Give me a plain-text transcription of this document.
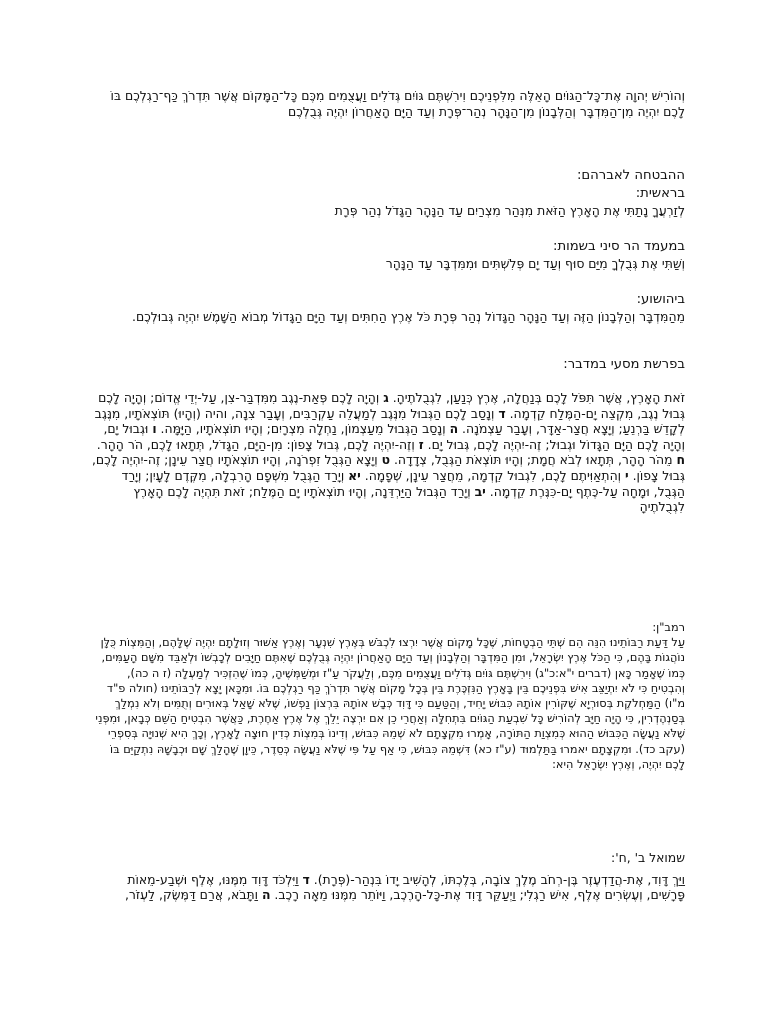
וְהוֹרִישׁ יְהוָה אֶת־כָּל־הַגּוֹיִם הָאֵלֶּה מִלִּפְנֵיכֶם וִירִשְׁתֶּם גּוֹיִם גְּדֹלִים וַעֲצֻמִים מִכֶּם כָּל־הַמָּקוֹם אֲשֶׁר תִּדְרֹךְ כַּף־רַגְלְכֶם בּוֹ לָכֶם יִהְיֶה מִן־הַמִּדְבָּר וְהַלְּבָנוֹן מִן־הַנָּהָר נְהַר־פְּרָת וְעַד הַיָּם הָאַחֲרוֹן יִהְיֶה גְּבֻלְכֶם

ההבטחה לאברהם:

בראשית:

לְזַרְעֲךָ נָתַתִּי אֶת הָאָרֶץ הַזֹּאת מִנְּהַר מִצְרַיִם עַד הַנָּהָר הַגָּדֹל נְהַר פְּרָת

במעמד הר סיני בשמות:

וְשַׁתִּי אֶת גְּבֻלְךָ מִיַּם סוּף וְעַד יָם פְּלִשְׁתִּים וּמִמִּדְבָּר עַד הַנָּהָר

ביהושוע:

מֵהַמִּדְבָּר וְהַלְּבָנוֹן הַזֶּה וְעַד הַנָּהָר הַגָּדוֹל נְהַר פְּרָת כֹּל אֶרֶץ הַחִתִּים וְעַד הַיָּם הַגָּדוֹל מְבוֹא הַשָּׁמֶשׁ יִהְיֶה גְּבוּלְכֶם.

בפרשת מסעי במדבר:

זֹאת הָאָרֶץ, אֲשֶׁר תִּפֹּל לָכֶם בְּנַחֲלָה, אֶרֶץ כְּנַעַן, לִגְבֻלֹתֶיהָ. ג וְהָיָה לָכֶם פְּאַת-נֶגֶב מִמִּדְבַּר-צִן, עַל-יְדֵי אֱדוֹם; וְהָיָה לָכֶם גְּבוּל נֶגֶב, מִקְצֵה יָם-הַמֶּלַח קֵדְמָה. ד וְנָסַב לָכֶם הַגְּבוּל מִנֶּגֶב לְמַעֲלֵה עַקְרַבִּים, וְעָבַר צִנָה, והיה (וְהָיוּ) תּוֹצְאֹתָיו, מִנֶּגֶב לְקָדֵשׁ בַּרְנֵעַ; וְיָצָא חֲצַר-אַדָּר, וְעָבַר עַצְמֹנָה. ה וְנָסַב הַגְּבוּל מֵעַצְמוֹן, נַחְלָה מִצְרָיִם; וְהָיוּ תוֹצְאֹתָיו, הַיָּמָּה. ו וּגְבוּל יָם, וְהָיָה לָכֶם הַיָּם הַגָּדוֹל וּגְבוּל; זֶה-יִהְיֶה לָכֶם, גְּבוּל יָם. ז וְזֶה-יִהְיֶה לָכֶם, גְּבוּל צָפוֹן: מִן-הַיָּם, הַגָּדֹל, תְּתָאוּ לָכֶם, הֹר הָהָר. ח מֵהֹר הָהָר, תְּתָאוּ לְבֹא חֲמָת; וְהָיוּ תּוֹצְאֹת הַגְּבֻל, צְדָדָה. ט וְיָצָא הַגְּבֻל זִפְרֹנָה, וְהָיוּ תוֹצְאֹתָיו חֲצַר עֵינָן; זֶה-יִהְיֶה לָכֶם, גְּבוּל צָפוֹן. י וְהִתְאַוִּיתֶם לָכֶם, לִגְבוּל קֵדְמָה, מֵחֲצַר עֵינָן, שְׁפָמָה. יא וְיָרַד הַגְּבֻל מִשְּׁפָם הָרִבְלָה, מִקֶּדֶם לָעָיִן; וְיָרַד הַגְּבֻל, וּמָחָה עַל-כֶּתֶף יָם-כִּנֶּרֶת קֵדְמָה. יב וְיָרַד הַגְּבוּל הַיַּרְדֵּנָה, וְהָיוּ תוֹצְאֹתָיו יָם הַמֶּלַח; זֹאת תִּהְיֶה לָכֶם הָאָרֶץ לִגְבֻלֹתֶיהָ

רמב"ן:

עַל דַּעַת רַבּוֹתֵינוּ הִנֵּה הֵם שְׁתֵּי הַבְטָחוֹת, שֶׁכָּל מָקוֹם אֲשֶׁר יִרְצוּ לִכְבֹּשׁ בְּאֶרֶץ שִׁנְעָר וְאֶרֶץ אַשּׁוּר וְזוּלָתָם יִהְיֶה שֶׁלָּהֶם, וְהַמִּצְוֹת כֻּלָּן נוֹהֲגוֹת בָּהֶם, כִּי הַכֹּל אֶרֶץ יִשְׂרָאֵל, וּמִן הַמִּדְבָּר וְהַלְּבָנוֹן וְעַד הַיָּם הָאַחֲרוֹן יִהְיֶה גְּבֻלְכֶם שֶׁאִתֶּם חַיָּבִים לְכָבְשׁוֹ וּלְאַבֵּד מִשָּׁם הָעַמִּים, כְּמוֹ שֶׁאָמַר כָּאן (דברים י"א:כ"ג) וִירִשְׁתֶּם גּוֹיִם גְּדֹלִים וַעֲצֻמִים מִכֶּם, וְלַעֲקֹר עַ"ז וּמְשַׁמְּשֶׁיהָ, כְּמוֹ שֶׁהִזְכִּיר לְמַעְלָה (ז ה כה), וְהִבְטִיחַ כִּי לֹא יִתְיַצֵּב אִישׁ בִּפְנֵיכֶם בֵּין בָּאָרֶץ הַנִּזְכֶּרֶת בֵּין בְּכָל מָקוֹם אֲשֶׁר תִּדְרֹךְ כַּף רַגְלְכֶם בּוֹ. וּמִכָּאן יָצָא לְרַבּוֹתֵינוּ (חולה פ"ד מ"ו) הַמַּחְלֹקֶת בְּסוּרְיָא שֶׁקּוֹרִין אוֹתָהּ כִּבּוּשׁ יָחִיד, וְהַטַּעַם כִּי דָּוִד כְּבָשׁ אוֹתָהּ בִּרְצוֹן נַפְשׁוֹ, שֶׁלֹּא שָׁאַל בְּאוּרִים וְתֻמִּים וְלֹא נִמְלַךְ בְּסַנְהֶדְרִין, כִּי הָיָה חַיָּב לְהוֹרִישׁ כָּל שִׁבְעַת הַגּוֹיִם בִּתְחִלָּה וְאַחֲרֵי כֵן אִם יִרְצֶה יֵלֵךְ אֶל אֶרֶץ אַחֶרֶת, כַּאֲשֶׁר הִבְטִיחַ הַשֵּׁם כְּבָאן, וּמִפְּנֵי שֶׁלֹּא נַעֲשָׂה הַכִּבּוּשׁ הַהוּא כְּמִצְוַת הַתּוֹרָה, אָמְרוּ מִקְצָתָם לֹא שְׁמֵהּ כִּבּוּשׁ, וְדִינוֹ בְּמִצְוֹת כְּדִין חוּצָה לָאָרֶץ, וְכָךְ הִיא שְׁנוּיָה בְּסִפְרֵי (עקב כד). וּמִקְצָתָם יאמרוּ בַּתַּלְמוּד (ע"ז כא) דִּשְׁמֵהּ כִּבּוּשׁ, כִּי אַף עַל פִּי שֶׁלֹּא נַעֲשָׂה כְּסֵדֶר, כֵּיוָן שֶׁהָלַךְ שָׁם וּכְבָשָׁהּ נִתְקַיֵּם בּוֹ לָכֶם יִהְיֶה, וְאֶרֶץ יִשְׂרָאֵל הִיא:

שמואל ב' ,ח':

וַיַּךְ דָּוִד, אֶת-הֲדַדְעֶזֶר בֶּן-רְחֹב מֶלֶךְ צוֹבָה, בְּלֶכְתּוֹ, לְהָשִׁיב יָדוֹ בִּנְהַר-(פְּרָת). ד וַיִּלְכֹּד דָּוִד מִמֶּנּוּ, אֶלֶף וּשְׁבַע-מֵאוֹת פָּרָשִׁים, וְעֶשְׂרִים אֶלֶף, אִישׁ רַגְלִי; וַיְעַקֵּר דָּוִד אֶת-כָּל-הָרֶכֶב, וַיּוֹתֵר מִמֶּנּוּ מֵאָה רָכֶב. ה וַתָּבֹא, אֲרַם דַּמֶּשֶׂק, לַעְזֹר,
